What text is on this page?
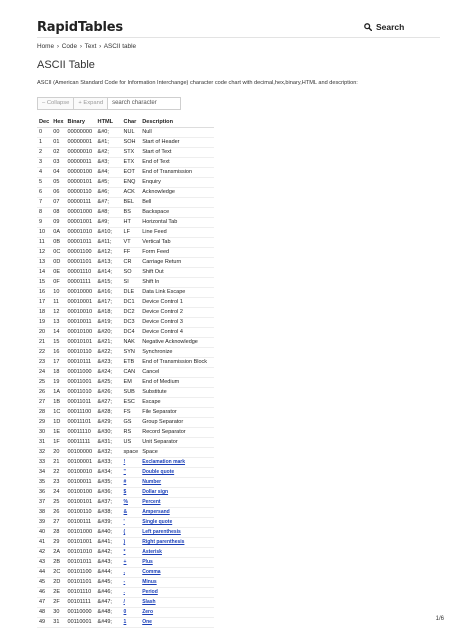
RapidTables	Search
Home › Code › Text › ASCII table
ASCII Table
ASCII (American Standard Code for Information Interchange) character code chart with decimal,hex,binary,HTML and description:
– Collapse	+ Expand	search character
Dec	Hex	Binary	HTML	Char	Description
0	00	00000000	&#0;	NUL	Null
1	01	00000001	&#1;	SOH	Start of Header
2	02	00000010	&#2;	STX	Start of Text
3	03	00000011	&#3;	ETX	End of Text
4	04	00000100	&#4;	EOT	End of Transmission
5	05	00000101	&#5;	ENQ	Enquiry
6	06	00000110	&#6;	ACK	Acknowledge
7	07	00000111	&#7;	BEL	Bell
8	08	00001000	&#8;	BS	Backspace
9	09	00001001	&#9;	HT	Horizontal Tab
10	0A	00001010	&#10;	LF	Line Feed
11	0B	00001011	&#11;	VT	Vertical Tab
12	0C	00001100	&#12;	FF	Form Feed
13	0D	00001101	&#13;	CR	Carriage Return
14	0E	00001110	&#14;	SO	Shift Out
15	0F	00001111	&#15;	SI	Shift In
16	10	00010000	&#16;	DLE	Data Link Escape
17	11	00010001	&#17;	DC1	Device Control 1
18	12	00010010	&#18;	DC2	Device Control 2
19	13	00010011	&#19;	DC3	Device Control 3
20	14	00010100	&#20;	DC4	Device Control 4
21	15	00010101	&#21;	NAK	Negative Acknowledge
22	16	00010110	&#22;	SYN	Synchronize
23	17	00010111	&#23;	ETB	End of Transmission Block
24	18	00011000	&#24;	CAN	Cancel
25	19	00011001	&#25;	EM	End of Medium
26	1A	00011010	&#26;	SUB	Substitute
27	1B	00011011	&#27;	ESC	Escape
28	1C	00011100	&#28;	FS	File Separator
29	1D	00011101	&#29;	GS	Group Separator
30	1E	00011110	&#30;	RS	Record Separator
31	1F	00011111	&#31;	US	Unit Separator
32	20	00100000	&#32;	space	Space
33	21	00100001	&#33;	!	Exclamation mark
34	22	00100010	&#34;	"	Double quote
35	23	00100011	&#35;	#	Number
36	24	00100100	&#36;	$	Dollar sign
37	25	00100101	&#37;	%	Percent
38	26	00100110	&#38;	&	Ampersand
39	27	00100111	&#39;	'	Single quote
40	28	00101000	&#40;	(	Left parenthesis
41	29	00101001	&#41;	)	Right parenthesis
42	2A	00101010	&#42;	*	Asterisk
43	2B	00101011	&#43;	+	Plus
44	2C	00101100	&#44;	,	Comma
45	2D	00101101	&#45;	-	Minus
46	2E	00101110	&#46;	.	Period
47	2F	00101111	&#47;	/	Slash
48	30	00110000	&#48;	0	Zero
49	31	00110001	&#49;	1	One
1/6
